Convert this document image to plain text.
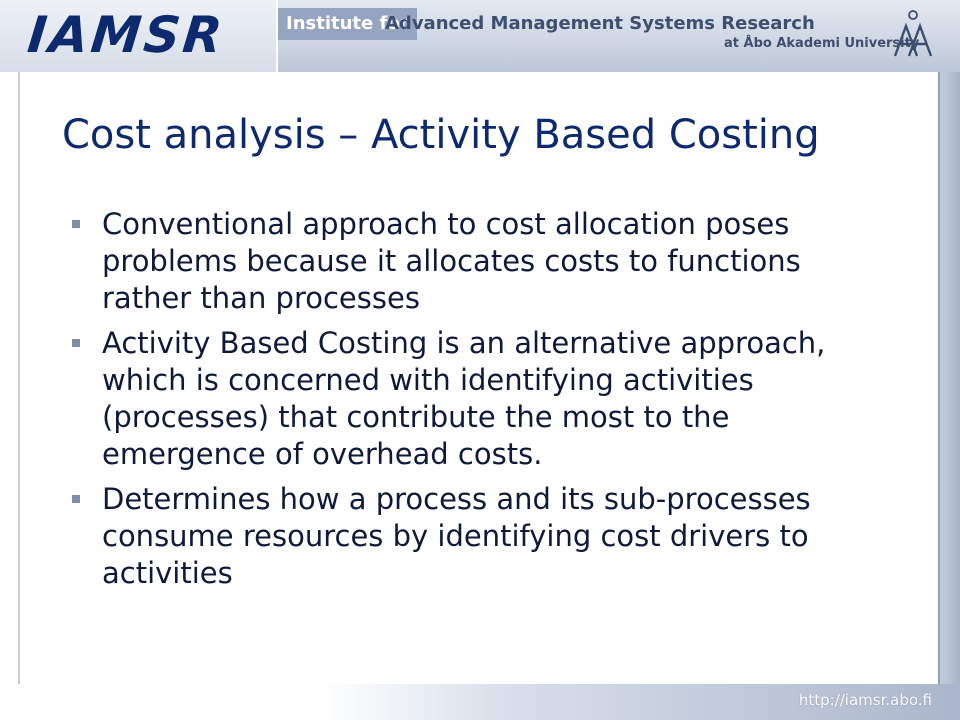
IAMSR	Institute for
Advanced Management Systems Research
at Åbo Akademi University
http://iamsr.abo.fi
Cost analysis – Activity Based Costing
Conventional approach to cost allocation poses problems because it allocates costs to functions rather than processes
Activity Based Costing is an alternative approach, which is concerned with identifying activities (processes) that contribute the most to the emergence of overhead costs.
Determines how a process and its sub-processes consume resources by identifying cost drivers to activities
